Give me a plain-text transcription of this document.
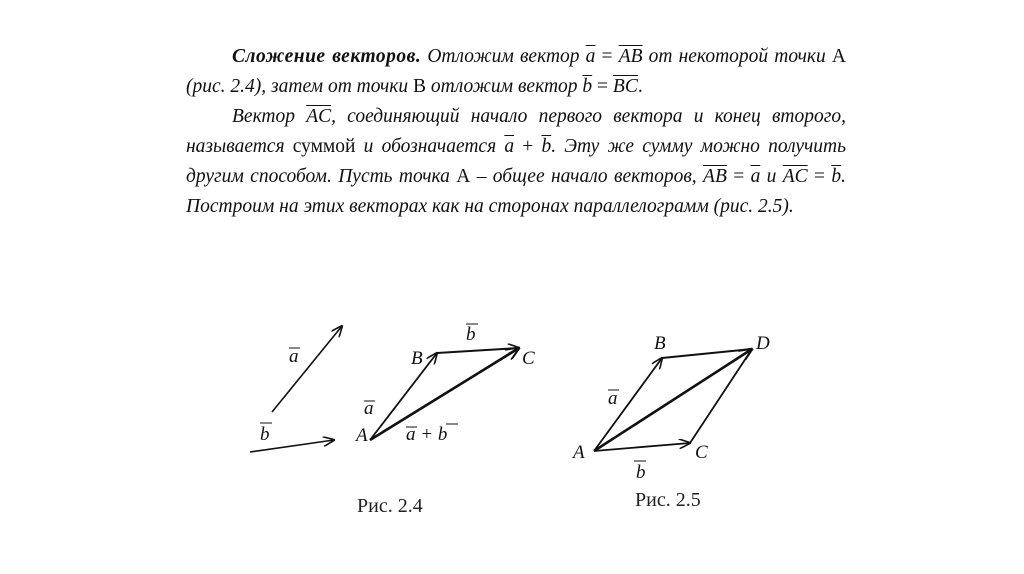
Сложение векторов. Отложим вектор $\overline{a} = \overline{AB}$ от некоторой точки A (рис. 2.4), затем от точки B отложим вектор $\overline{b} = \overline{BC}$.

Вектор $\overline{AC}$, соединяющий начало первого вектора и конец второго, называется суммой и обозначается $\overline{a} + \overline{b}$. Эту же сумму можно получить другим способом. Пусть точка A – общее начало векторов, $\overline{AB} = \overline{a}$ и $\overline{AC} = \overline{b}$. Построим на этих векторах как на сторонах параллелограмм (рис. 2.5).

a
b
b
a
a + b
A
B	C
Рис. 2.4
a
b
A
B
C
D
Рис. 2.5
